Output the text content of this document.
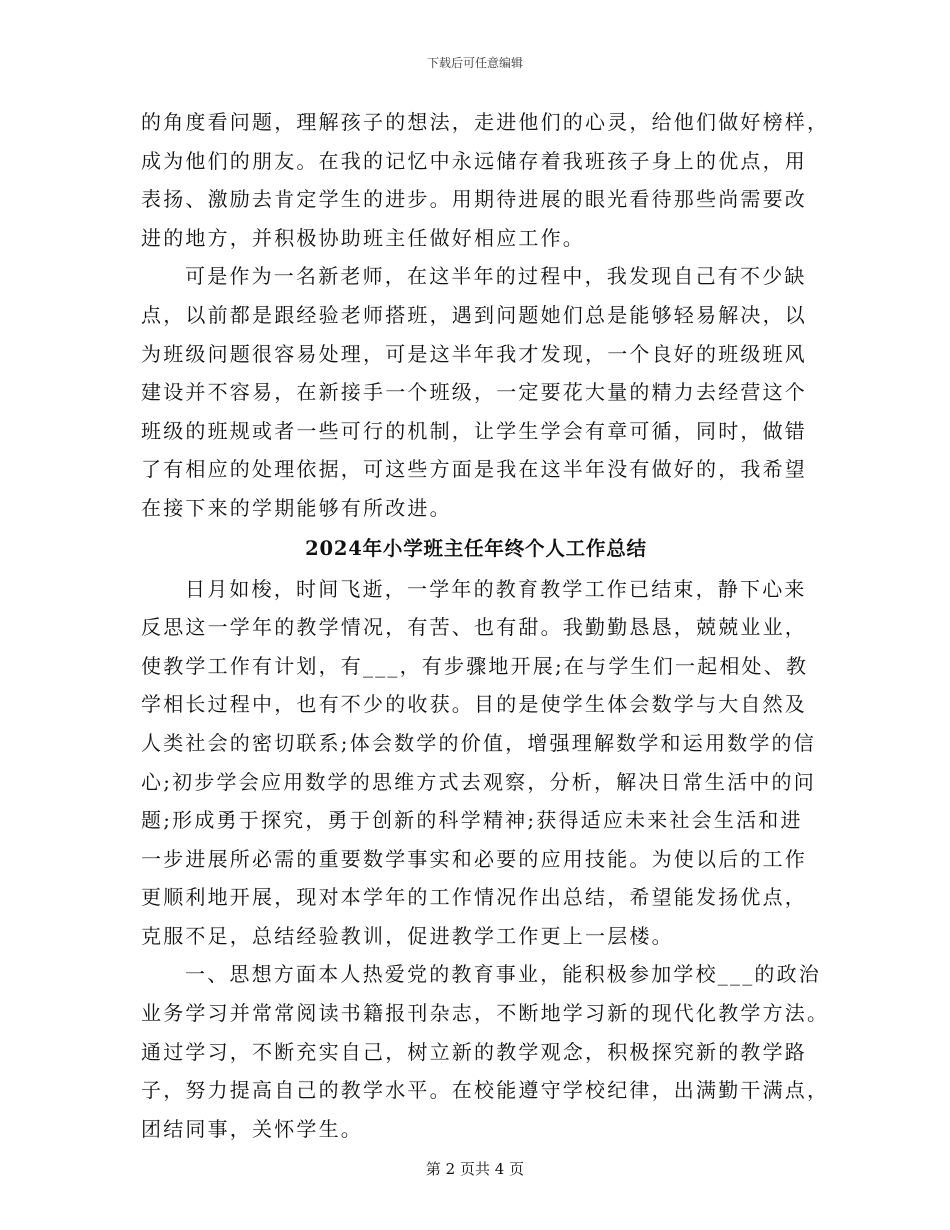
下载后可任意编辑
的角度看问题，理解孩子的想法，走进他们的心灵，给他们做好榜样，
成为他们的朋友。在我的记忆中永远储存着我班孩子身上的优点，用
表扬、激励去肯定学生的进步。用期待进展的眼光看待那些尚需要改
进的地方，并积极协助班主任做好相应工作。
可是作为一名新老师，在这半年的过程中，我发现自己有不少缺
点，以前都是跟经验老师搭班，遇到问题她们总是能够轻易解决，以
为班级问题很容易处理，可是这半年我才发现，一个良好的班级班风
建设并不容易，在新接手一个班级，一定要花大量的精力去经营这个
班级的班规或者一些可行的机制，让学生学会有章可循，同时，做错
了有相应的处理依据，可这些方面是我在这半年没有做好的，我希望
在接下来的学期能够有所改进。
2024年小学班主任年终个人工作总结
日月如梭，时间飞逝，一学年的教育教学工作已结束，静下心来
反思这一学年的教学情况，有苦、也有甜。我勤勤恳恳，兢兢业业，
使教学工作有计划，有___，有步骤地开展;在与学生们一起相处、教
学相长过程中，也有不少的收获。目的是使学生体会数学与大自然及
人类社会的密切联系;体会数学的价值，增强理解数学和运用数学的信
心;初步学会应用数学的思维方式去观察，分析，解决日常生活中的问
题;形成勇于探究，勇于创新的科学精神;获得适应未来社会生活和进
一步进展所必需的重要数学事实和必要的应用技能。为使以后的工作
更顺利地开展，现对本学年的工作情况作出总结，希望能发扬优点，
克服不足，总结经验教训，促进教学工作更上一层楼。
一、思想方面本人热爱党的教育事业，能积极参加学校___的政治
业务学习并常常阅读书籍报刊杂志，不断地学习新的现代化教学方法。
通过学习，不断充实自己，树立新的教学观念，积极探究新的教学路
子，努力提高自己的教学水平。在校能遵守学校纪律，出满勤干满点，
团结同事，关怀学生。
第 2 页共 4 页
